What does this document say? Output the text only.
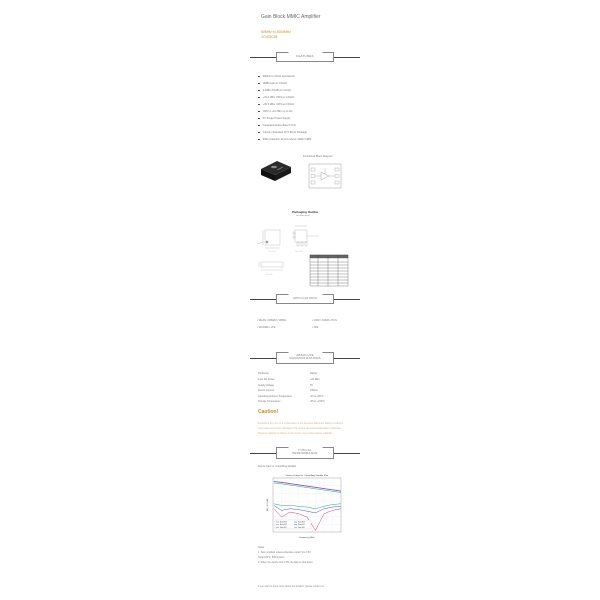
Gain Block MMIC Amplifier
50MHz to 4000MHz
YG402028
FEATURES
50MHz to 4GHz operational
18dB Gain at 1.0GHz
3.0dBm P1dB at 1.0GHz
+33.0 dBm OIP3 at 1.0GHz
+34.5 dBm OIP3 at 2.5GHz
OIP3 4 +33 dBm up to 4G
5V Single Power Supply
Integrated Active Bias Circuit
Industry Standard SOT-89 2x Package
ESD protection all pins above 1000V HBM
Functional Block Diagram
Packaging Outline
unit: millimeter(mm)
2.00 ±0.05	2.00 ±0.05
0.75 ±0.05
APPLICATIONS
• WLAN / WiMAX / WiBro	• GSM / CDMA / PCS
• WCDMA / LTE	• ISM
ABSOLUTE
MAXIMUM RATINGS
Parameter	Rating
Input RF Power	+20 dBm
Supply Voltage	6V
Device Current	150mA
Operating Ambient Temperature	-40 to +85°C
Storage Temperature	-65 to +150°C
Caution!
Exceeding any one or a combination of the Absolute Maximum Rating conditions may cause permanent damage to the device. Extended application of Absolute Maximum Rating conditions to the device may reduce device reliability.
TYPICAL
PERFORMANCE
Device Gain vs. Controlling Variable
Device Current vs. Controlling Variable Plan
Frequency (GHz)
S21, S11 (dB)
Ratio S21	Ratio S21
Ratio S21	Ratio S11
Gain S11	Gain S22
Notes
1. Test condition unless otherwise noted: Vcc= 5V,
Temp=25°C, 50Ω system
2. When the device Vcc is 5V, the bias is shut down.
If you want to know more about the product, please contact us.
